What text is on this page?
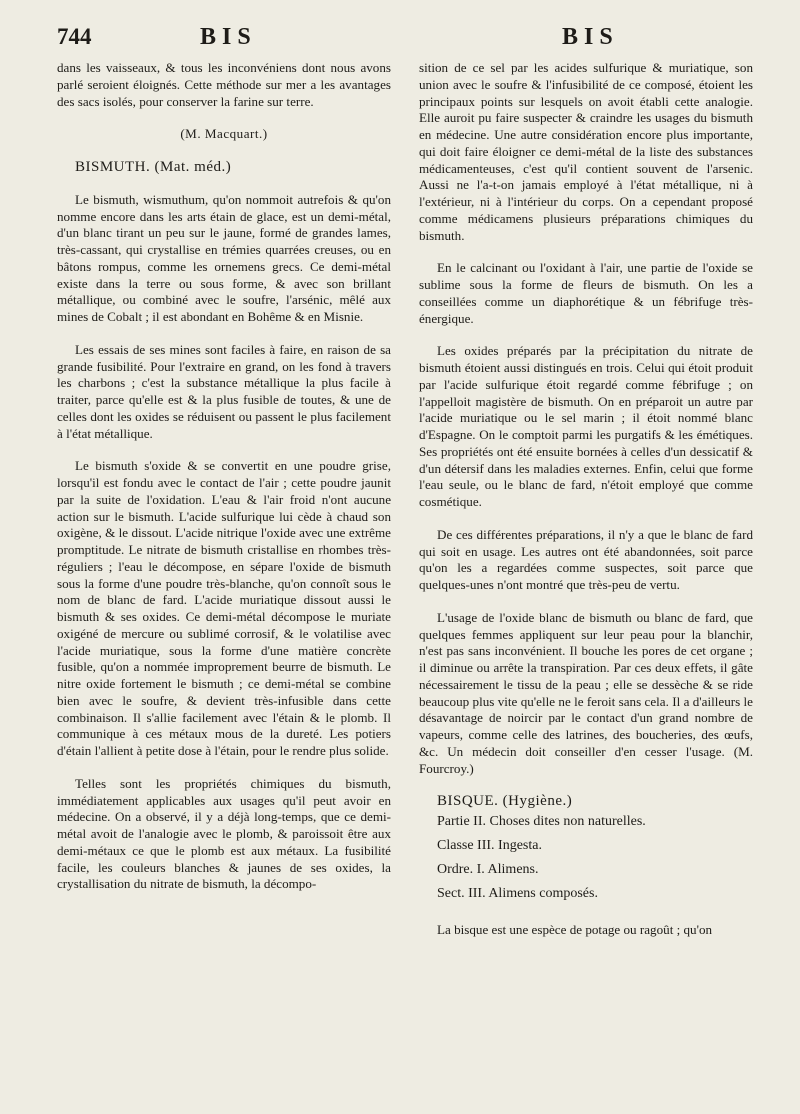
744	BIS	BIS

dans les vaisseaux, & tous les inconvéniens dont nous avons parlé seroient éloignés. Cette méthode sur mer a les avantages des sacs isolés, pour conserver la farine sur terre.

(M. Macquart.)

BISMUTH. (Mat. méd.)

Le bismuth, wismuthum, qu'on nommoit autrefois & qu'on nomme encore dans les arts étain de glace, est un demi-métal, d'un blanc tirant un peu sur le jaune, formé de grandes lames, très-cassant, qui crystallise en trémies quarrées creuses, ou en bâtons rompus, comme les ornemens grecs. Ce demi-métal existe dans la terre ou sous forme, & avec son brillant métallique, ou combiné avec le soufre, l'arsénic, mêlé aux mines de Cobalt ; il est abondant en Bohême & en Misnie.

Les essais de ses mines sont faciles à faire, en raison de sa grande fusibilité. Pour l'extraire en grand, on les fond à travers les charbons ; c'est la substance métallique la plus facile à traiter, parce qu'elle est & la plus fusible de toutes, & une de celles dont les oxides se réduisent ou passent le plus facilement à l'état métallique.

Le bismuth s'oxide & se convertit en une poudre grise, lorsqu'il est fondu avec le contact de l'air ; cette poudre jaunit par la suite de l'oxidation. L'eau & l'air froid n'ont aucune action sur le bismuth. L'acide sulfurique lui cède à chaud son oxigène, & le dissout. L'acide nitrique l'oxide avec une extrême promptitude. Le nitrate de bismuth cristallise en rhombes très-réguliers ; l'eau le décompose, en sépare l'oxide de bismuth sous la forme d'une poudre très-blanche, qu'on connoît sous le nom de blanc de fard. L'acide muriatique dissout aussi le bismuth & ses oxides. Ce demi-métal décompose le muriate oxigéné de mercure ou sublimé corrosif, & le volatilise avec l'acide muriatique, sous la forme d'une matière concrète fusible, qu'on a nommée improprement beurre de bismuth. Le nitre oxide fortement le bismuth ; ce demi-métal se combine bien avec le soufre, & devient très-infusible dans cette combinaison. Il s'allie facilement avec l'étain & le plomb. Il communique à ces métaux mous de la dureté. Les potiers d'étain l'allient à petite dose à l'étain, pour le rendre plus solide.

Telles sont les propriétés chimiques du bismuth, immédiatement applicables aux usages qu'il peut avoir en médecine. On a observé, il y a déjà long-temps, que ce demi-métal avoit de l'analogie avec le plomb, & paroissoit être aux demi-métaux ce que le plomb est aux métaux. La fusibilité facile, les couleurs blanches & jaunes de ses oxides, la crystallisation du nitrate de bismuth, la décompo-

sition de ce sel par les acides sulfurique & muriatique, son union avec le soufre & l'infusibilité de ce composé, étoient les principaux points sur lesquels on avoit établi cette analogie. Elle auroit pu faire suspecter & craindre les usages du bismuth en médecine. Une autre considération encore plus importante, qui doit faire éloigner ce demi-métal de la liste des substances médicamenteuses, c'est qu'il contient souvent de l'arsenic. Aussi ne l'a-t-on jamais employé à l'état métallique, ni à l'extérieur, ni à l'intérieur du corps. On a cependant proposé comme médicamens plusieurs préparations chimiques du bismuth.

En le calcinant ou l'oxidant à l'air, une partie de l'oxide se sublime sous la forme de fleurs de bismuth. On les a conseillées comme un diaphorétique & un fébrifuge très-énergique.

Les oxides préparés par la précipitation du nitrate de bismuth étoient aussi distingués en trois. Celui qui étoit produit par l'acide sulfurique étoit regardé comme fébrifuge ; on l'appelloit magistère de bismuth. On en préparoit un autre par l'acide muriatique ou le sel marin ; il étoit nommé blanc d'Espagne. On le comptoit parmi les purgatifs & les émétiques. Ses propriétés ont été ensuite bornées à celles d'un dessicatif & d'un détersif dans les maladies externes. Enfin, celui que forme l'eau seule, ou le blanc de fard, n'étoit employé que comme cosmétique.

De ces différentes préparations, il n'y a que le blanc de fard qui soit en usage. Les autres ont été abandonnées, soit parce qu'on les a regardées comme suspectes, soit parce que quelques-unes n'ont montré que très-peu de vertu.

L'usage de l'oxide blanc de bismuth ou blanc de fard, que quelques femmes appliquent sur leur peau pour la blanchir, n'est pas sans inconvénient. Il bouche les pores de cet organe ; il diminue ou arrête la transpiration. Par ces deux effets, il gâte nécessairement le tissu de la peau ; elle se dessèche & se ride beaucoup plus vite qu'elle ne le feroit sans cela. Il a d'ailleurs le désavantage de noircir par le contact d'un grand nombre de vapeurs, comme celle des latrines, des boucheries, des œufs, &c. Un médecin doit conseiller d'en cesser l'usage. (M. Fourcroy.)

BISQUE. (Hygiène.)

Partie II. Choses dites non naturelles.

Classe III. Ingesta.

Ordre. I. Alimens.

Sect. III. Alimens composés.

La bisque est une espèce de potage ou ragoût ; qu'on
